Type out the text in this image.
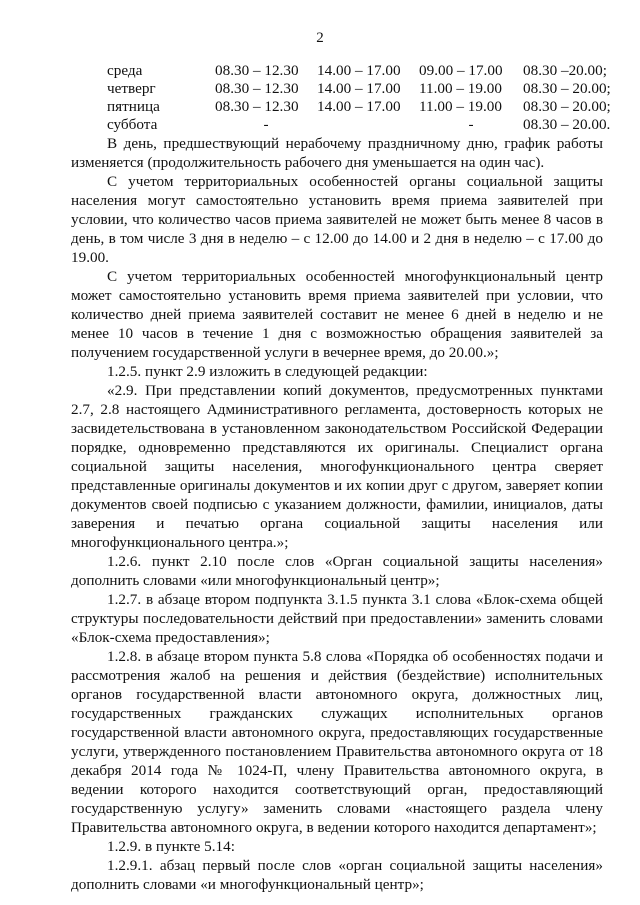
2
среда	08.30 – 12.30	14.00 – 17.00	09.00 – 17.00	08.30 –20.00;
четверг	08.30 – 12.30	14.00 – 17.00	11.00 – 19.00	08.30 – 20.00;
пятница	08.30 – 12.30	14.00 – 17.00	11.00 – 19.00	08.30 – 20.00;
суббота	-		-	08.30 – 20.00.

В день, предшествующий нерабочему праздничному дню, график работы изменяется (продолжительность рабочего дня уменьшается на один час).

С учетом территориальных особенностей органы социальной защиты населения могут самостоятельно установить время приема заявителей при условии, что количество часов приема заявителей не может быть менее 8 часов в день, в том числе 3 дня в неделю – с 12.00 до 14.00 и 2 дня в неделю – с 17.00 до 19.00.

С учетом территориальных особенностей многофункциональный центр может самостоятельно установить время приема заявителей при условии, что количество дней приема заявителей составит не менее 6 дней в неделю и не менее 10 часов в течение 1 дня с возможностью обращения заявителей за получением государственной услуги в вечернее время, до 20.00.»;

1.2.5. пункт 2.9 изложить в следующей редакции:

«2.9. При представлении копий документов, предусмотренных пунктами 2.7, 2.8 настоящего Административного регламента, достоверность которых не засвидетельствована в установленном законодательством Российской Федерации порядке, одновременно представляются их оригиналы. Специалист органа социальной защиты населения, многофункционального центра сверяет представленные оригиналы документов и их копии друг с другом, заверяет копии документов своей подписью с указанием должности, фамилии, инициалов, даты заверения и печатью органа социальной защиты населения или многофункционального центра.»;

1.2.6. пункт 2.10 после слов «Орган социальной защиты населения» дополнить словами «или многофункциональный центр»;

1.2.7. в абзаце втором подпункта 3.1.5 пункта 3.1 слова «Блок-схема общей структуры последовательности действий при предоставлении» заменить словами «Блок-схема предоставления»;

1.2.8. в абзаце втором пункта 5.8 слова «Порядка об особенностях подачи и рассмотрения жалоб на решения и действия (бездействие) исполнительных органов государственной власти автономного округа, должностных лиц, государственных гражданских служащих исполнительных органов государственной власти автономного округа, предоставляющих государственные услуги, утвержденного постановлением Правительства автономного округа от 18 декабря 2014 года № 1024-П, члену Правительства автономного округа, в ведении которого находится соответствующий орган, предоставляющий государственную услугу» заменить словами «настоящего раздела члену Правительства автономного округа, в ведении которого находится департамент»;

1.2.9. в пункте 5.14:

1.2.9.1. абзац первый после слов «орган социальной защиты населения» дополнить словами «и многофункциональный центр»;
